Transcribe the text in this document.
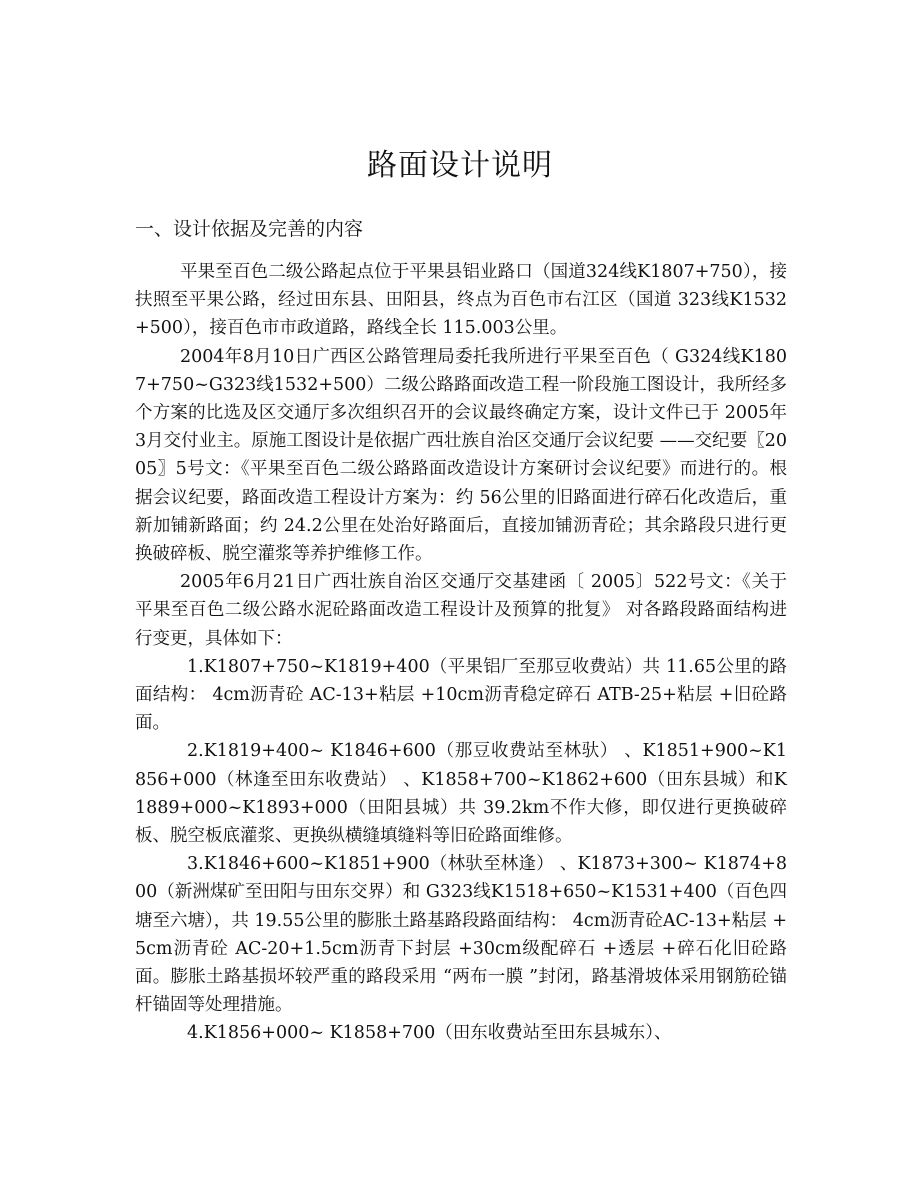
路面设计说明
一、设计依据及完善的内容

平果至百色二级公路起点位于平果县铝业路口（国道324线K1807+750），接扶照至平果公路，经过田东县、田阳县，终点为百色市右江区（国道 323线K1532+500），接百色市市政道路，路线全长 115.003公里。

2004年8月10日广西区公路管理局委托我所进行平果至百色（ G324线K1807+750~G323线1532+500）二级公路路面改造工程一阶段施工图设计，我所经多个方案的比选及区交通厅多次组织召开的会议最终确定方案，设计文件已于 2005年3月交付业主。原施工图设计是依据广西壮族自治区交通厅会议纪要 ——交纪要〖2005〗5号文：《平果至百色二级公路路面改造设计方案研讨会议纪要》而进行的。根据会议纪要，路面改造工程设计方案为：约 56公里的旧路面进行碎石化改造后，重新加铺新路面；约 24.2公里在处治好路面后，直接加铺沥青砼；其余路段只进行更换破碎板、脱空灌浆等养护维修工作。

2005年6月21日广西壮族自治区交通厅交基建函〔 2005〕522号文：《关于平果至百色二级公路水泥砼路面改造工程设计及预算的批复》 对各路段路面结构进行变更，具体如下：

1.K1807+750~K1819+400（平果铝厂至那豆收费站）共 11.65公里的路面结构： 4cm沥青砼 AC-13+粘层 +10cm沥青稳定碎石 ATB-25+粘层 +旧砼路面。

2.K1819+400~ K1846+600（那豆收费站至林驮） 、K1851+900~K1856+000（林逢至田东收费站） 、K1858+700~K1862+600（田东县城）和K1889+000~K1893+000（田阳县城）共 39.2km不作大修，即仅进行更换破碎板、脱空板底灌浆、更换纵横缝填缝料等旧砼路面维修。

3.K1846+600~K1851+900（林驮至林逢） 、K1873+300~ K1874+800（新洲煤矿至田阳与田东交界）和 G323线K1518+650~K1531+400（百色四塘至六塘），共 19.55公里的膨胀土路基路段路面结构： 4cm沥青砼AC-13+粘层 +5cm沥青砼 AC-20+1.5cm沥青下封层 +30cm级配碎石 +透层 +碎石化旧砼路面。膨胀土路基损坏较严重的路段采用 “两布一膜 ”封闭，路基滑坡体采用钢筋砼锚杆锚固等处理措施。

4.K1856+000~ K1858+700（田东收费站至田东县城东）、
